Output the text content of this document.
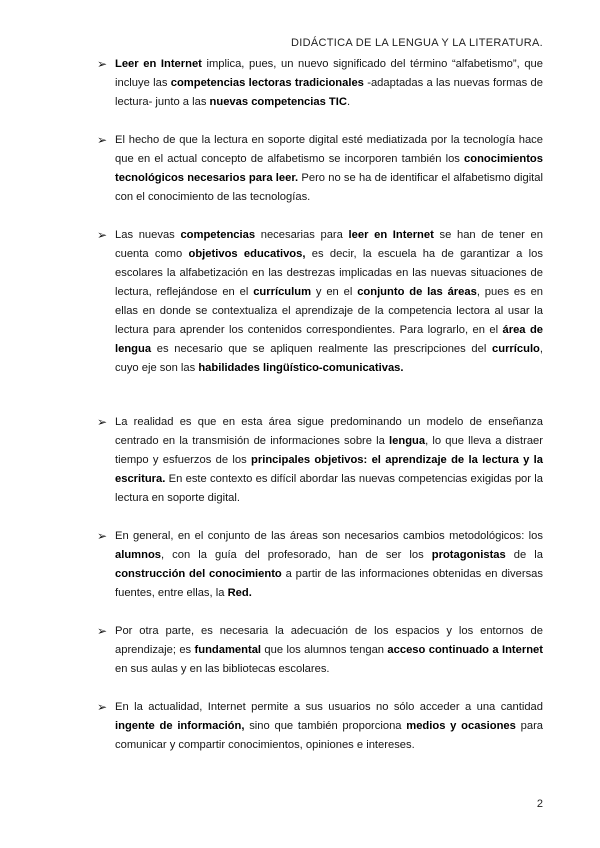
DIDÁCTICA DE LA LENGUA Y LA LITERATURA.
➢ Leer en Internet implica, pues, un nuevo significado del término “alfabetismo”, que incluye las competencias lectoras tradicionales -adaptadas a las nuevas formas de lectura- junto a las nuevas competencias TIC.
➢ El hecho de que la lectura en soporte digital esté mediatizada por la tecnología hace que en el actual concepto de alfabetismo se incorporen también los conocimientos tecnológicos necesarios para leer. Pero no se ha de identificar el alfabetismo digital con el conocimiento de las tecnologías.
➢ Las nuevas competencias necesarias para leer en Internet se han de tener en cuenta como objetivos educativos, es decir, la escuela ha de garantizar a los escolares la alfabetización en las destrezas implicadas en las nuevas situaciones de lectura, reflejándose en el currículum y en el conjunto de las áreas, pues es en ellas en donde se contextualiza el aprendizaje de la competencia lectora al usar la lectura para aprender los contenidos correspondientes. Para lograrlo, en el área de lengua es necesario que se apliquen realmente las prescripciones del currículo, cuyo eje son las habilidades lingüístico-comunicativas.
➢ La realidad es que en esta área sigue predominando un modelo de enseñanza centrado en la transmisión de informaciones sobre la lengua, lo que lleva a distraer tiempo y esfuerzos de los principales objetivos: el aprendizaje de la lectura y la escritura. En este contexto es difícil abordar las nuevas competencias exigidas por la lectura en soporte digital.
➢ En general, en el conjunto de las áreas son necesarios cambios metodológicos: los alumnos, con la guía del profesorado, han de ser los protagonistas de la construcción del conocimiento a partir de las informaciones obtenidas en diversas fuentes, entre ellas, la Red.
➢ Por otra parte, es necesaria la adecuación de los espacios y los entornos de aprendizaje; es fundamental que los alumnos tengan acceso continuado a Internet en sus aulas y en las bibliotecas escolares.
➢ En la actualidad, Internet permite a sus usuarios no sólo acceder a una cantidad ingente de información, sino que también proporciona medios y ocasiones para comunicar y compartir conocimientos, opiniones e intereses.
2
